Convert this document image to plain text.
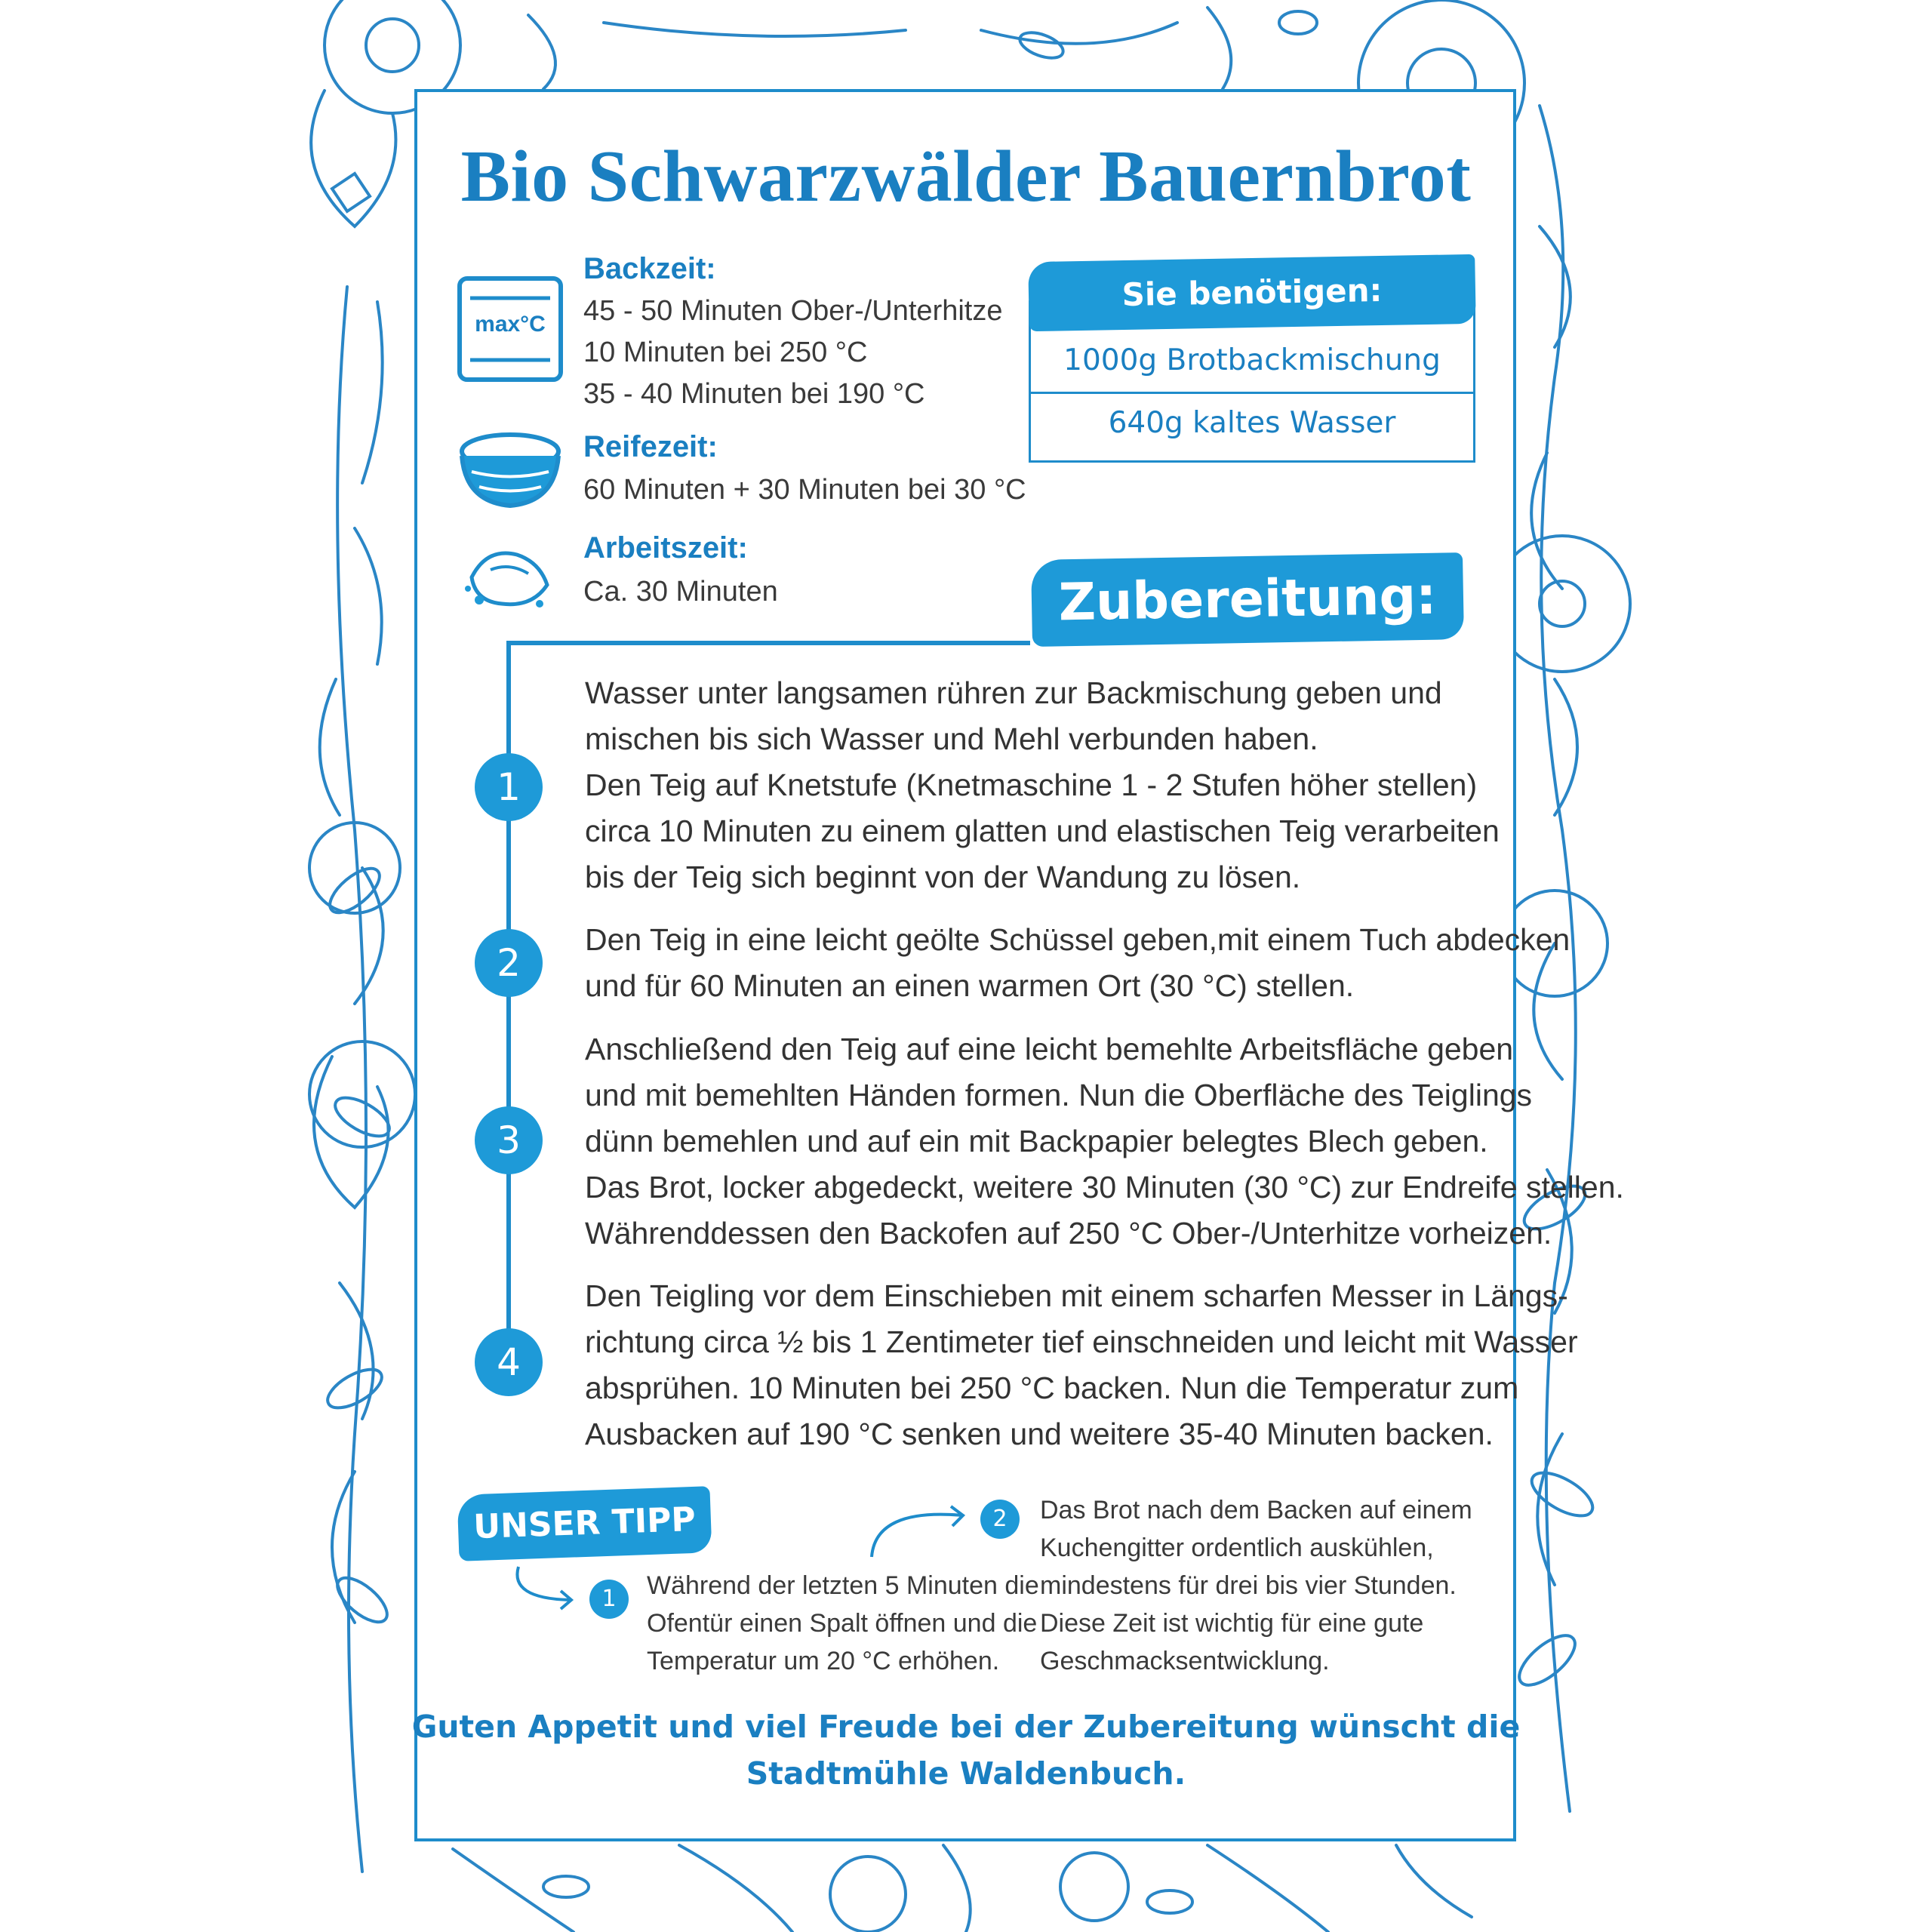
Bio Schwarzwälder Bauernbrot
max°C
Backzeit:
45 - 50 Minuten Ober-/Unterhitze
10 Minuten bei 250 °C
35 - 40 Minuten bei 190 °C
Reifezeit:
60 Minuten + 30 Minuten bei 30 °C
Arbeitszeit:
Ca. 30 Minuten
Sie benötigen:
1000g Brotbackmischung
640g kaltes Wasser
Zubereitung:
1
Wasser unter langsamen rühren zur Backmischung geben und
mischen bis sich Wasser und Mehl verbunden haben.
Den Teig auf Knetstufe (Knetmaschine 1 - 2 Stufen höher stellen)
circa 10 Minuten zu einem glatten und elastischen Teig verarbeiten
bis der Teig sich beginnt von der Wandung zu lösen.
2
Den Teig in eine leicht geölte Schüssel geben,mit einem Tuch abdecken
und für 60 Minuten an einen warmen Ort (30 °C) stellen.
3
Anschließend den Teig auf eine leicht bemehlte Arbeitsfläche geben
und mit bemehlten Händen formen. Nun die Oberfläche des Teiglings
dünn bemehlen und auf ein mit Backpapier belegtes Blech geben.
Das Brot, locker abgedeckt, weitere 30 Minuten (30 °C) zur Endreife stellen.
Währenddessen den Backofen auf 250 °C Ober-/Unterhitze vorheizen.
4
Den Teigling vor dem Einschieben mit einem scharfen Messer in Längs-
richtung circa ½ bis 1 Zentimeter tief einschneiden und leicht mit Wasser
absprühen. 10 Minuten bei 250 °C backen. Nun die Temperatur zum
Ausbacken auf 190 °C senken und weitere 35-40 Minuten backen.
UNSER TIPP
1	Während der letzten 5 Minuten die
Ofentür einen Spalt öffnen und die
Temperatur um 20 °C erhöhen.
2	Das Brot nach dem Backen auf einem
Kuchengitter ordentlich auskühlen,
mindestens für drei bis vier Stunden.
Diese Zeit ist wichtig für eine gute
Geschmacksentwicklung.
Guten Appetit und viel Freude bei der Zubereitung wünscht die
Stadtmühle Waldenbuch.
